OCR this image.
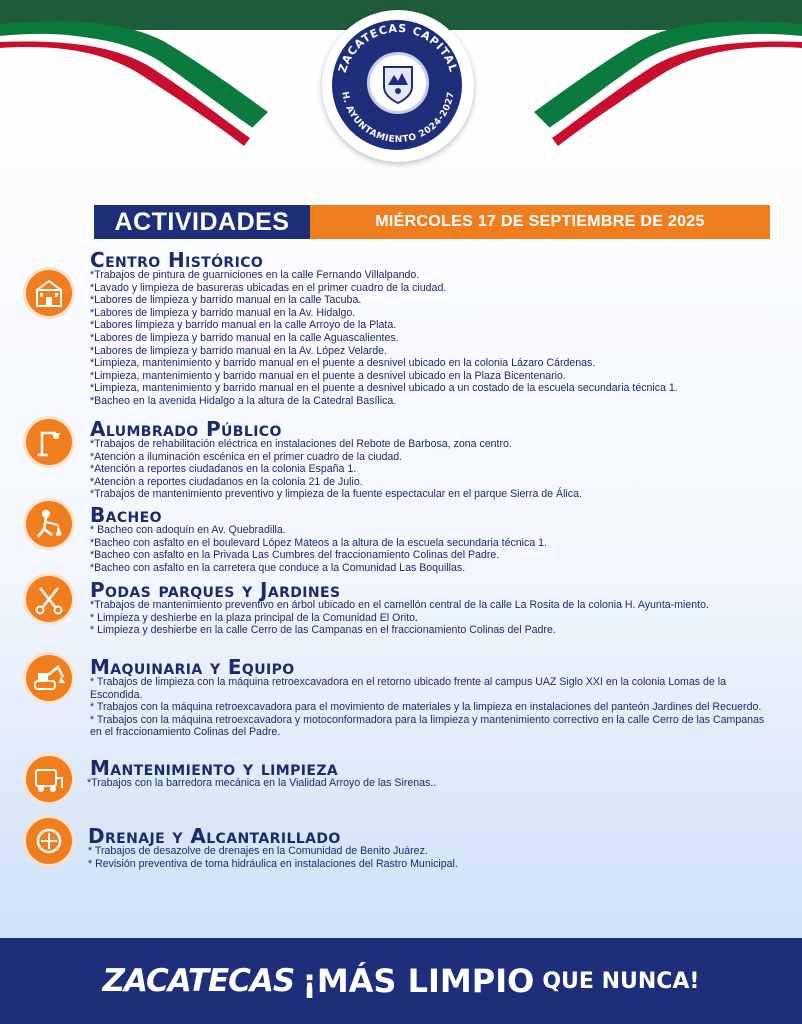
ZACATECAS CAPITAL
H. AYUNTAMIENTO 2024-2027
ACTIVIDADES	MIÉRCOLES 17 DE SEPTIEMBRE DE 2025
Centro Histórico
*Trabajos de pintura de guarniciones en la calle Fernando Villalpando.
*Lavado y limpieza de basureras ubicadas en el primer cuadro de la ciudad.
*Labores de limpieza y barrido manual en la calle Tacuba.
*Labores de limpieza y barrido manual en la Av. Hidalgo.
*Labores limpieza y barrido manual en la calle Arroyo de la Plata.
*Labores de limpieza y barrido manual en la calle Aguascalientes.
*Labores de limpieza y barrido manual en la Av. López Velarde.
*Limpieza, mantenimiento y barrido manual en el puente a desnivel ubicado en la colonia Lázaro Cárdenas.
*Limpieza, mantenimiento y barrido manual en el puente a desnivel ubicado en la Plaza Bicentenario.
*Limpieza, mantenimiento y barrido manual en el puente a desnivel ubicado a un costado de la escuela secundaria técnica 1.
*Bacheo en la avenida Hidalgo a la altura de la Catedral Basílica.
Alumbrado Público
*Trabajos de rehabilitación eléctrica en instalaciones del Rebote de Barbosa, zona centro.
*Atención a iluminación escénica en el primer cuadro de la ciudad.
*Atención a reportes ciudadanos en la colonia España 1.
*Atención a reportes ciudadanos en la colonia 21 de Julio.
*Trabajos de mantenimiento preventivo y limpieza de la fuente espectacular en el parque Sierra de Álica.
Bacheo
* Bacheo con adoquín en Av. Quebradilla.
*Bacheo con asfalto en el boulevard López Mateos a la altura de la escuela secundaria técnica 1.
*Bacheo con asfalto en la Privada Las Cumbres del fraccionamiento Colinas del Padre.
*Bacheo con asfalto en la carretera que conduce a la Comunidad Las Boquillas.
Podas parques y Jardines
*Trabajos de mantenimiento preventivo en árbol ubicado en el camellón central de la calle La Rosita de la colonia H. Ayunta-miento.
* Limpieza y deshierbe en la plaza principal de la Comunidad El Orito.
* Limpieza y deshierbe en la calle Cerro de las Campanas en el fraccionamiento Colinas del Padre.
Maquinaria y Equipo
* Trabajos de limpieza con la máquina retroexcavadora en el retorno ubicado frente al campus UAZ Siglo XXI en la colonia Lomas de la Escondida.
* Trabajos con la máquina retroexcavadora para el movimiento de materiales y la limpieza en instalaciones del panteón Jardines del Recuerdo.
* Trabajos con la máquina retroexcavadora y motoconformadora para la limpieza y mantenimiento correctivo en la calle Cerro de las Campanas en el fraccionamiento Colinas del Padre.
Mantenimiento y limpieza
*Trabajos con la barredora mecánica en la Vialidad Arroyo de las Sirenas..
Drenaje y Alcantarillado
* Trabajos de desazolve de drenajes en la Comunidad de Benito Juárez.
* Revisión preventiva de toma hidráulica en instalaciones del Rastro Municipal.
ZACATECAS ¡MÁS LIMPIO QUE NUNCA!
